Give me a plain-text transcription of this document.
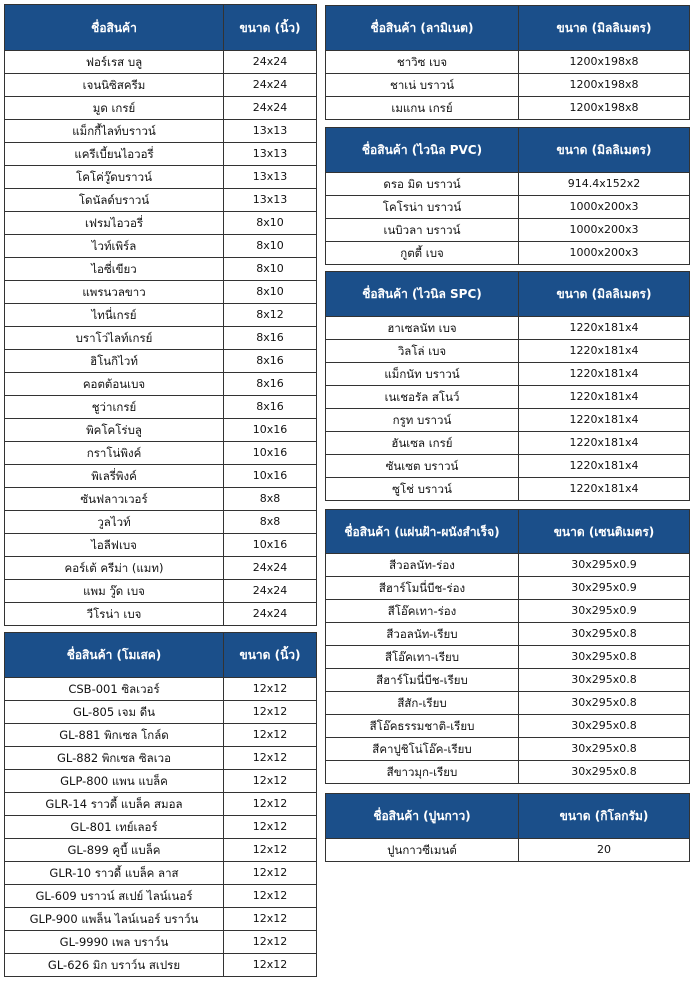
ชื่อสินค้า	ขนาด (นิ้ว)
ฟอร์เรส บลู	24x24
เจนนิซิสครีม	24x24
มูด เกรย์	24x24
แม็กกี้ไลท์บราวน์	13x13
แครีเบี้ยนไอวอรี่	13x13
โคโค่วู๊ดบราวน์	13x13
โดนัลด์บราวน์	13x13
เฟรมไอวอรี่	8x10
ไวท์เพิร์ล	8x10
ไอซี่เขียว	8x10
แพรนวลขาว	8x10
ไทนี่เกรย์	8x12
บราโว่ไลท์เกรย์	8x16
ฮิโนกิไวท์	8x16
คอตต้อนเบจ	8x16
ชูว่าเกรย์	8x16
พิคโคโร่บลู	10x16
กราโน่พิงค์	10x16
พิเลรี่พิงค์	10x16
ซันฟลาวเวอร์	8x8
วูลไวท์	8x8
ไอลีฟเบจ	10x16
คอร์เต้ ครีม่า (แมท)	24x24
แพม วู๊ด เบจ	24x24
วีโรน่า เบจ	24x24
ชื่อสินค้า (โมเสค)	ขนาด (นิ้ว)
CSB-001 ซิลเวอร์	12x12
GL-805 เจม ดีน	12x12
GL-881 พิกเซล โกล์ด	12x12
GL-882 พิกเซล ซิลเวอ	12x12
GLP-800 แพน แบล็ค	12x12
GLR-14 ราวดี้ แบล็ค สมอล	12x12
GL-801 เทย์เลอร์	12x12
GL-899 คูบี้ แบล็ค	12x12
GLR-10 ราวดี้ แบล็ค ลาส	12x12
GL-609 บราวน์ สเปย์ ไลน์เนอร์	12x12
GLP-900 แพล็น ไลน์เนอร์ บราว์น	12x12
GL-9990 เพล บราว์น	12x12
GL-626 มิก บราว์น สเปรย	12x12
ชื่อสินค้า (ลามิเนต)	ขนาด (มิลลิเมตร)
ชาวิซ เบจ	1200x198x8
ชาเน่ บราวน์	1200x198x8
เมแกน เกรย์	1200x198x8
ชื่อสินค้า (ไวนิล PVC)	ขนาด (มิลลิเมตร)
ดรอ มิด บราวน์	914.4x152x2
โคโรน่า บราวน์	1000x200x3
เนบิวลา บราวน์	1000x200x3
กูตตี้ เบจ	1000x200x3
ชื่อสินค้า (ไวนิล SPC)	ขนาด (มิลลิเมตร)
ฮาเซลนัท เบจ	1220x181x4
วิลโล่ เบจ	1220x181x4
แม็กนัท บราวน์	1220x181x4
เนเชอรัล สโนว์	1220x181x4
กรูท บราวน์	1220x181x4
ฮันเซล เกรย์	1220x181x4
ซันเซต บราวน์	1220x181x4
ซูโช่ บราวน์	1220x181x4
ชื่อสินค้า (แผ่นฝ้า-ผนังสำเร็จ)	ขนาด (เซนติเมตร)
สีวอลนัท-ร่อง	30x295x0.9
สีฮาร์โมนี่บีช-ร่อง	30x295x0.9
สีโอ๊คเทา-ร่อง	30x295x0.9
สีวอลนัท-เรียบ	30x295x0.8
สีโอ๊คเทา-เรียบ	30x295x0.8
สีฮาร์โมนี่บีช-เรียบ	30x295x0.8
สีสัก-เรียบ	30x295x0.8
สีโอ๊คธรรมชาติ-เรียบ	30x295x0.8
สีคาปูชิโน่โอ๊ค-เรียบ	30x295x0.8
สีขาวมุก-เรียบ	30x295x0.8
ชื่อสินค้า (ปูนกาว)	ขนาด (กิโลกรัม)
ปูนกาวซีเมนต์	20
